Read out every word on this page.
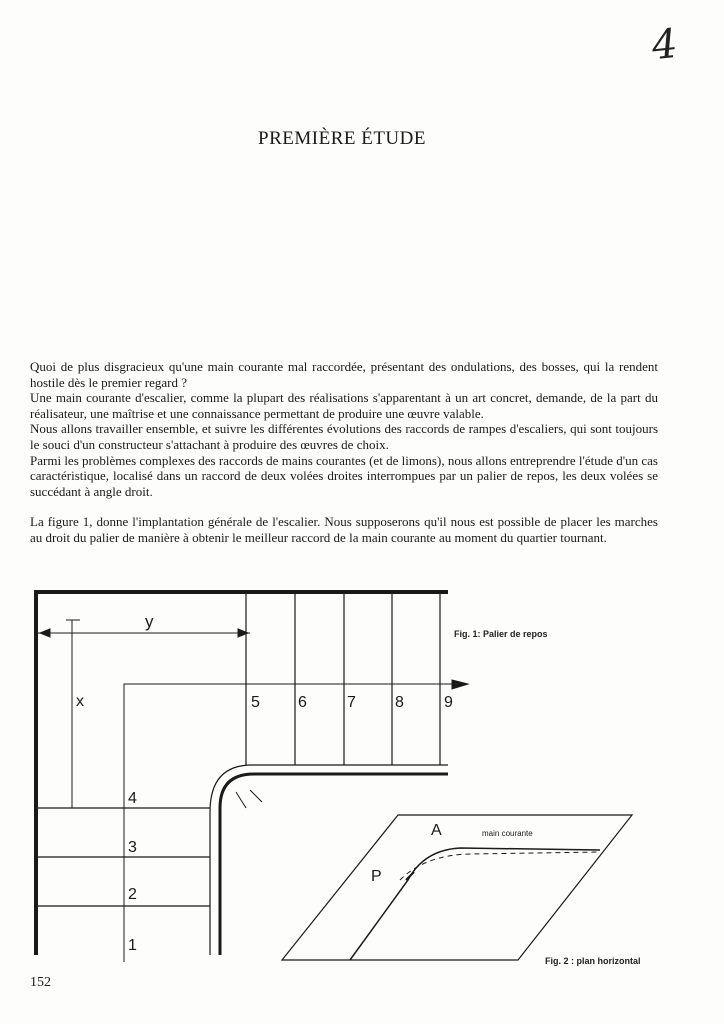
4
PREMIÈRE ÉTUDE

Quoi de plus disgracieux qu'une main courante mal raccordée, présentant des ondulations, des bosses, qui la rendent hostile dès le premier regard ?

Une main courante d'escalier, comme la plupart des réalisations s'apparentant à un art concret, demande, de la part du réalisateur, une maîtrise et une connaissance permettant de produire une œuvre valable.

Nous allons travailler ensemble, et suivre les différentes évolutions des raccords de rampes d'escaliers, qui sont toujours le souci d'un constructeur s'attachant à produire des œuvres de choix.

Parmi les problèmes complexes des raccords de mains courantes (et de limons), nous allons entreprendre l'étude d'un cas caractéristique, localisé dans un raccord de deux volées droites interrompues par un palier de repos, les deux volées se succédant à angle droit.

La figure 1, donne l'implantation générale de l'escalier. Nous supposerons qu'il nous est possible de placer les marches au droit du palier de manière à obtenir le meilleur raccord de la main courante au moment du quartier tournant.

y
x
1
2
3
4
5 6	7 8	9
A
P
main courante
Fig. 1: Palier de repos
Fig. 2 : plan horizontal
152
